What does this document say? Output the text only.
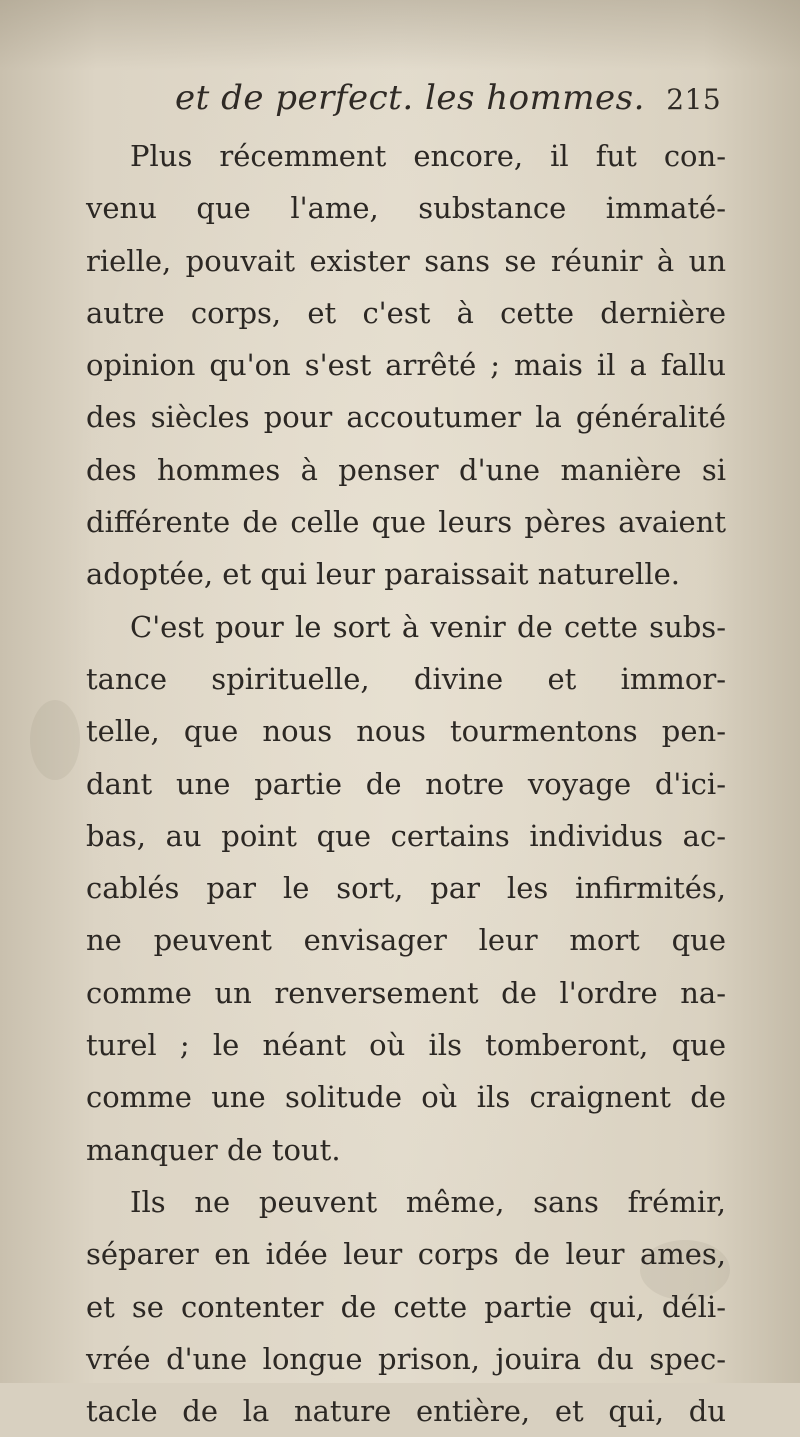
et de perfect. les hommes. 215
Plus récemment encore, il fut con-
venu que l'ame, substance immaté-
rielle, pouvait exister sans se réunir à un
autre corps, et c'est à cette dernière
opinion qu'on s'est arrêté ; mais il a fallu
des siècles pour accoutumer la généralité
des hommes à penser d'une manière si
différente de celle que leurs pères avaient
adoptée, et qui leur paraissait naturelle.
C'est pour le sort à venir de cette subs-
tance spirituelle, divine et immor-
telle, que nous nous tourmentons pen-
dant une partie de notre voyage d'ici-
bas, au point que certains individus ac-
cablés par le sort, par les infirmités,
ne peuvent envisager leur mort que
comme un renversement de l'ordre na-
turel ; le néant où ils tomberont, que
comme une solitude où ils craignent de
manquer de tout.
Ils ne peuvent même, sans frémir,
séparer en idée leur corps de leur ames,
et se contenter de cette partie qui, déli-
vrée d'une longue prison, jouira du spec-
tacle de la nature entière, et qui, du
